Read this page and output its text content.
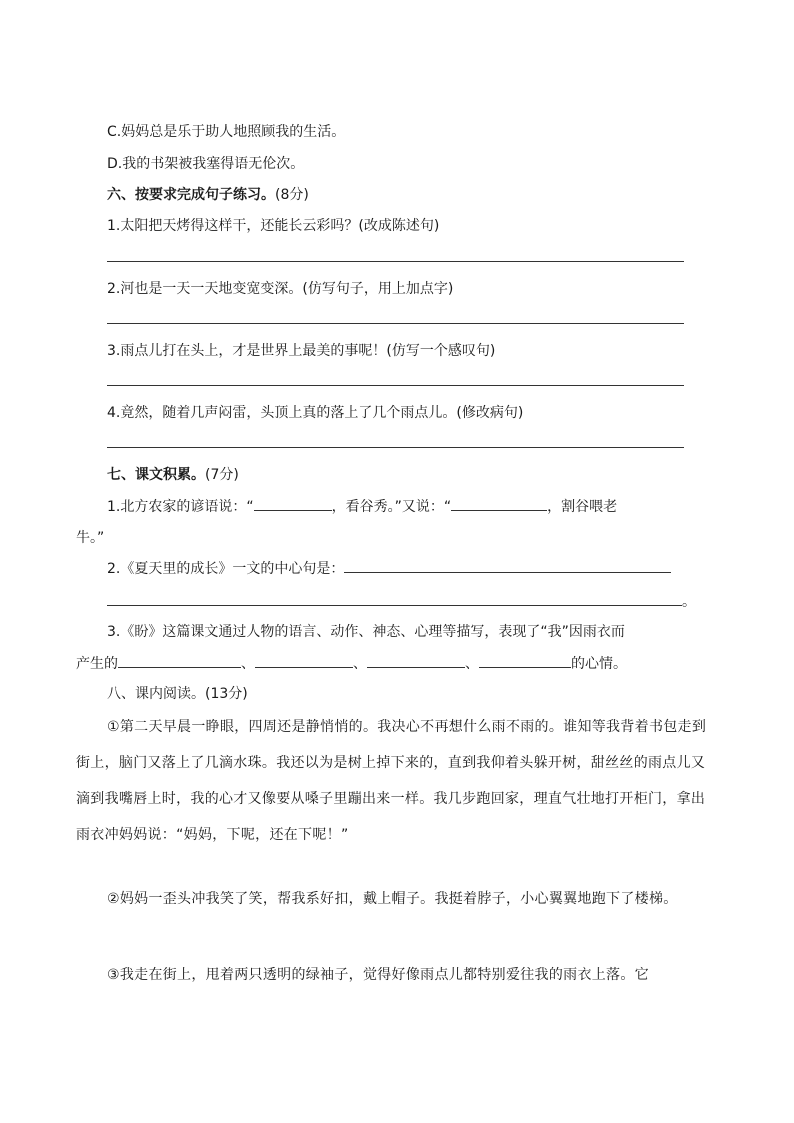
C.妈妈总是乐于助人地照顾我的生活。
D.我的书架被我塞得语无伦次。
六、按要求完成句子练习。(8分)
1.太阳把天烤得这样干，还能长云彩吗？(改成陈述句)
2.河也是一天一天地变宽变深。(仿写句子，用上加点字)
3.雨点儿打在头上，才是世界上最美的事呢！(仿写一个感叹句)
4.竟然，随着几声闷雷，头顶上真的落上了几个雨点儿。(修改病句)
七、课文积累。(7分)
1.北方农家的谚语说：“	，看谷秀。”又说：“	，割谷喂老
牛。”
2.《夏天里的成长》一文的中心句是：
。
3.《盼》这篇课文通过人物的语言、动作、神态、心理等描写，表现了“我”因雨衣而
产生的	、	、	、	的心情。
八、课内阅读。(13分)
①第二天早晨一睁眼，四周还是静悄悄的。我决心不再想什么雨不雨的。谁知等我背着书包走到街上，脑门又落上了几滴水珠。我还以为是树上掉下来的，直到我仰着头躲开树，甜丝丝的雨点儿又滴到我嘴唇上时，我的心才又像要从嗓子里蹦出来一样。我几步跑回家，理直气壮地打开柜门，拿出雨衣冲妈妈说：“妈妈，下呢，还在下呢！”
②妈妈一歪头冲我笑了笑，帮我系好扣，戴上帽子。我挺着脖子，小心翼翼地跑下了楼梯。
③我走在街上，甩着两只透明的绿袖子，觉得好像雨点儿都特别爱往我的雨衣上落。它
